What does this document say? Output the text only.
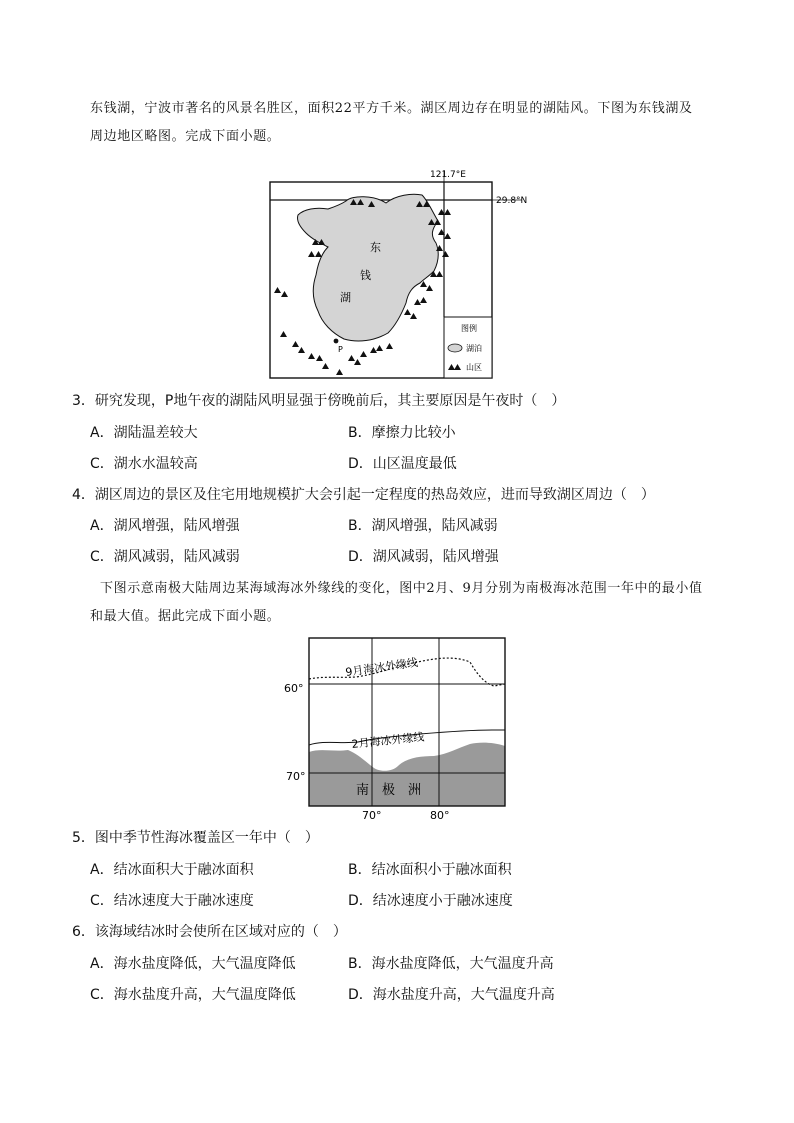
东钱湖，宁波市著名的风景名胜区，面积22平方千米。湖区周边存在明显的湖陆风。下图为东钱湖及
周边地区略图。完成下面小题。
121.7°E
29.8°N
东
钱
湖
P
图例
湖泊
山区
3．研究发现，P地午夜的湖陆风明显强于傍晚前后，其主要原因是午夜时（　）
A．湖陆温差较大	B．摩擦力比较小
C．湖水水温较高	D．山区温度最低
4．湖区周边的景区及住宅用地规模扩大会引起一定程度的热岛效应，进而导致湖区周边（　）
A．湖风增强，陆风增强	B．湖风增强，陆风减弱
C．湖风减弱，陆风减弱	D．湖风减弱，陆风增强
下图示意南极大陆周边某海域海冰外缘线的变化，图中2月、9月分别为南极海冰范围一年中的最小值
和最大值。据此完成下面小题。
9月海冰外缘线
2月海冰外缘线
南　极　洲
60°
70°
70°	80°
5．图中季节性海冰覆盖区一年中（　）
A．结冰面积大于融冰面积	B．结冰面积小于融冰面积
C．结冰速度大于融冰速度	D．结冰速度小于融冰速度
6．该海域结冰时会使所在区域对应的（　）
A．海水盐度降低，大气温度降低	B．海水盐度降低，大气温度升高
C．海水盐度升高，大气温度降低	D．海水盐度升高，大气温度升高
